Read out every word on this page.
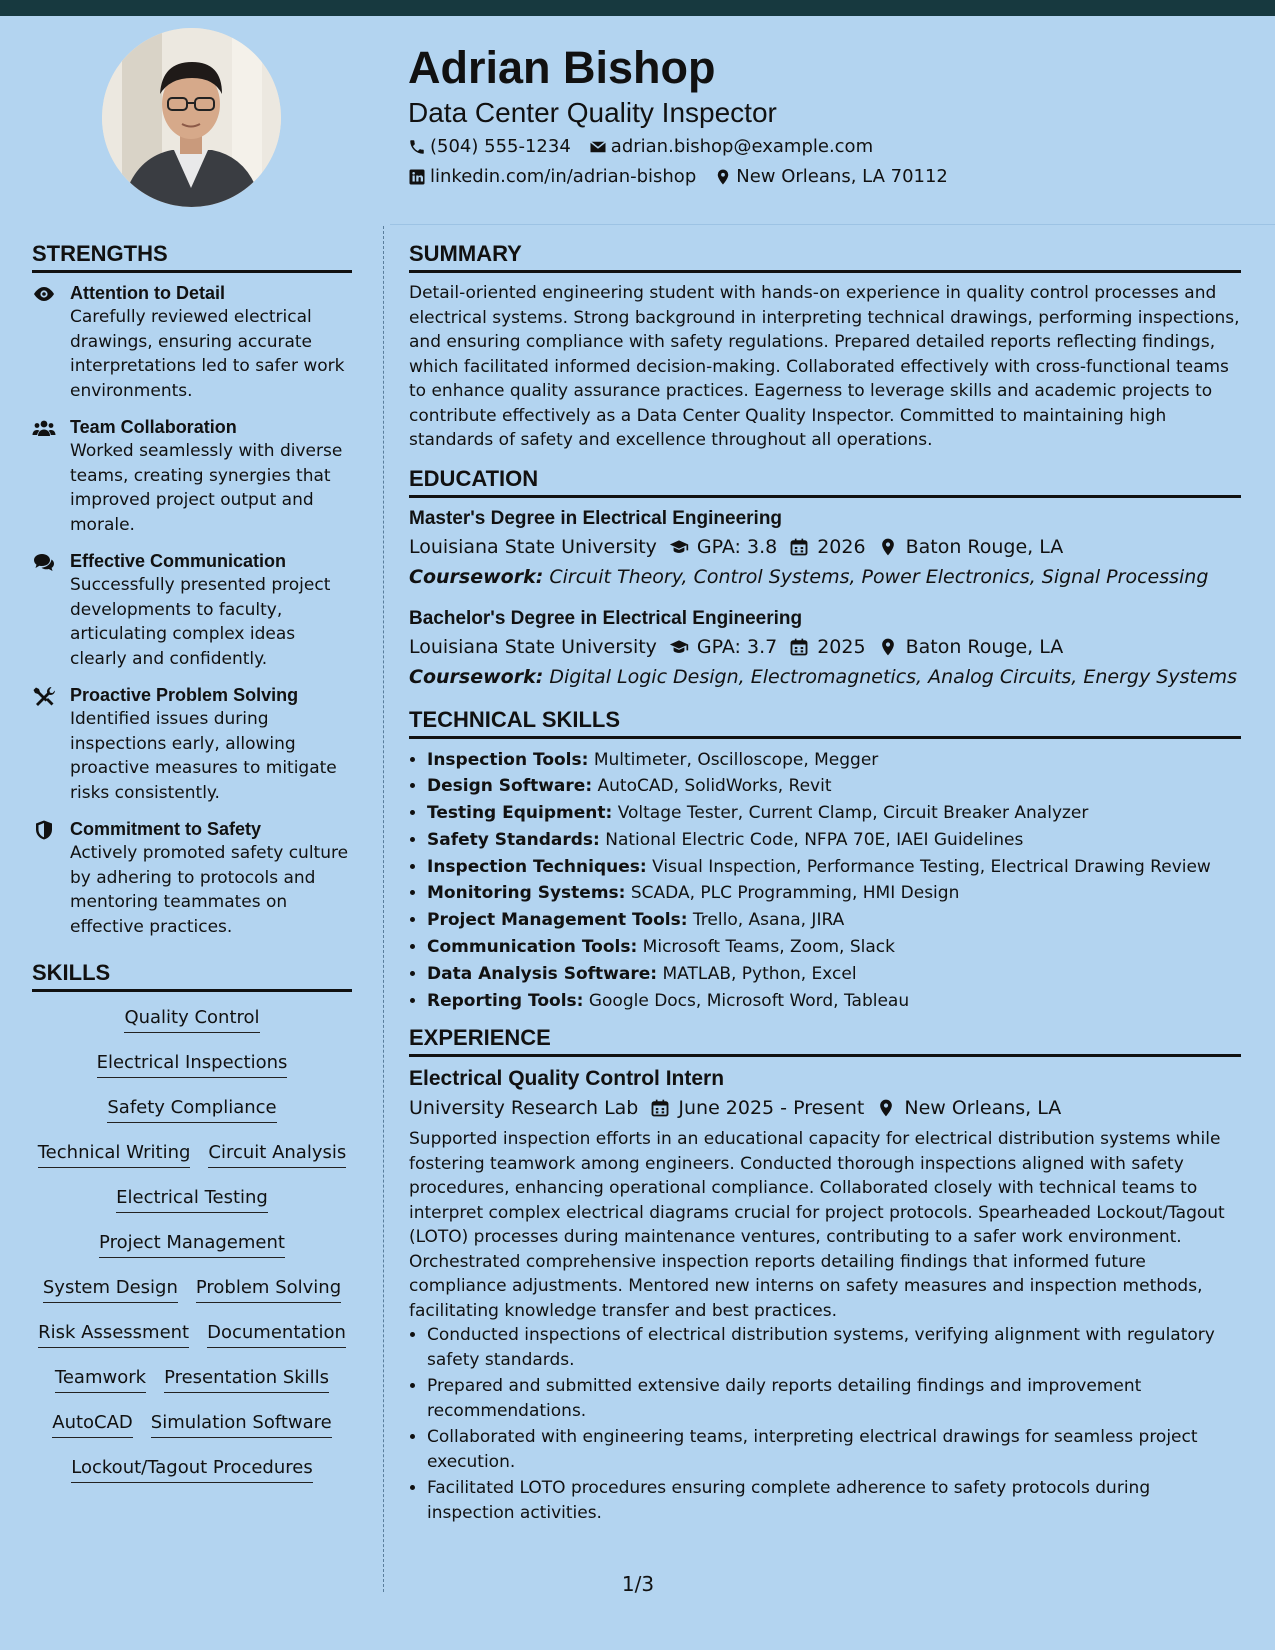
Adrian Bishop
Data Center Quality Inspector
(504) 555-1234 adrian.bishop@example.com
linkedin.com/in/adrian-bishop New Orleans, LA 70112
STRENGTHS
Attention to Detail
Carefully reviewed electrical drawings, ensuring accurate interpretations led to safer work environments.
Team Collaboration
Worked seamlessly with diverse teams, creating synergies that improved project output and morale.
Effective Communication
Successfully presented project developments to faculty, articulating complex ideas clearly and confidently.
Proactive Problem Solving
Identified issues during inspections early, allowing proactive measures to mitigate risks consistently.
Commitment to Safety
Actively promoted safety culture by adhering to protocols and mentoring teammates on effective practices.
SKILLS
Quality Control
Electrical Inspections
Safety Compliance
Technical Writing Circuit Analysis
Electrical Testing
Project Management
System Design Problem Solving
Risk Assessment Documentation
Teamwork Presentation Skills
AutoCAD Simulation Software
Lockout/Tagout Procedures
SUMMARY

Detail-oriented engineering student with hands-on experience in quality control processes and electrical systems. Strong background in interpreting technical drawings, performing inspections, and ensuring compliance with safety regulations. Prepared detailed reports reflecting findings, which facilitated informed decision-making. Collaborated effectively with cross-functional teams to enhance quality assurance practices. Eagerness to leverage skills and academic projects to contribute effectively as a Data Center Quality Inspector. Committed to maintaining high standards of safety and excellence throughout all operations.

EDUCATION
Master's Degree in Electrical Engineering
Louisiana State University GPA: 3.8 2026 Baton Rouge, LA
Coursework: Circuit Theory, Control Systems, Power Electronics, Signal Processing
Bachelor's Degree in Electrical Engineering
Louisiana State University GPA: 3.7 2025 Baton Rouge, LA
Coursework: Digital Logic Design, Electromagnetics, Analog Circuits, Energy Systems
TECHNICAL SKILLS
• Inspection Tools: Multimeter, Oscilloscope, Megger
• Design Software: AutoCAD, SolidWorks, Revit
• Testing Equipment: Voltage Tester, Current Clamp, Circuit Breaker Analyzer
• Safety Standards: National Electric Code, NFPA 70E, IAEI Guidelines
• Inspection Techniques: Visual Inspection, Performance Testing, Electrical Drawing Review
• Monitoring Systems: SCADA, PLC Programming, HMI Design
• Project Management Tools: Trello, Asana, JIRA
• Communication Tools: Microsoft Teams, Zoom, Slack
• Data Analysis Software: MATLAB, Python, Excel
• Reporting Tools: Google Docs, Microsoft Word, Tableau
EXPERIENCE
Electrical Quality Control Intern
University Research Lab June 2025 - Present New Orleans, LA
Supported inspection efforts in an educational capacity for electrical distribution systems while fostering teamwork among engineers. Conducted thorough inspections aligned with safety procedures, enhancing operational compliance. Collaborated closely with technical teams to interpret complex electrical diagrams crucial for project protocols. Spearheaded Lockout/Tagout (LOTO) processes during maintenance ventures, contributing to a safer work environment. Orchestrated comprehensive inspection reports detailing findings that informed future compliance adjustments. Mentored new interns on safety measures and inspection methods, facilitating knowledge transfer and best practices.
• Conducted inspections of electrical distribution systems, verifying alignment with regulatory safety standards.
• Prepared and submitted extensive daily reports detailing findings and improvement recommendations.
• Collaborated with engineering teams, interpreting electrical drawings for seamless project execution.
• Facilitated LOTO procedures ensuring complete adherence to safety protocols during inspection activities.
1/3
